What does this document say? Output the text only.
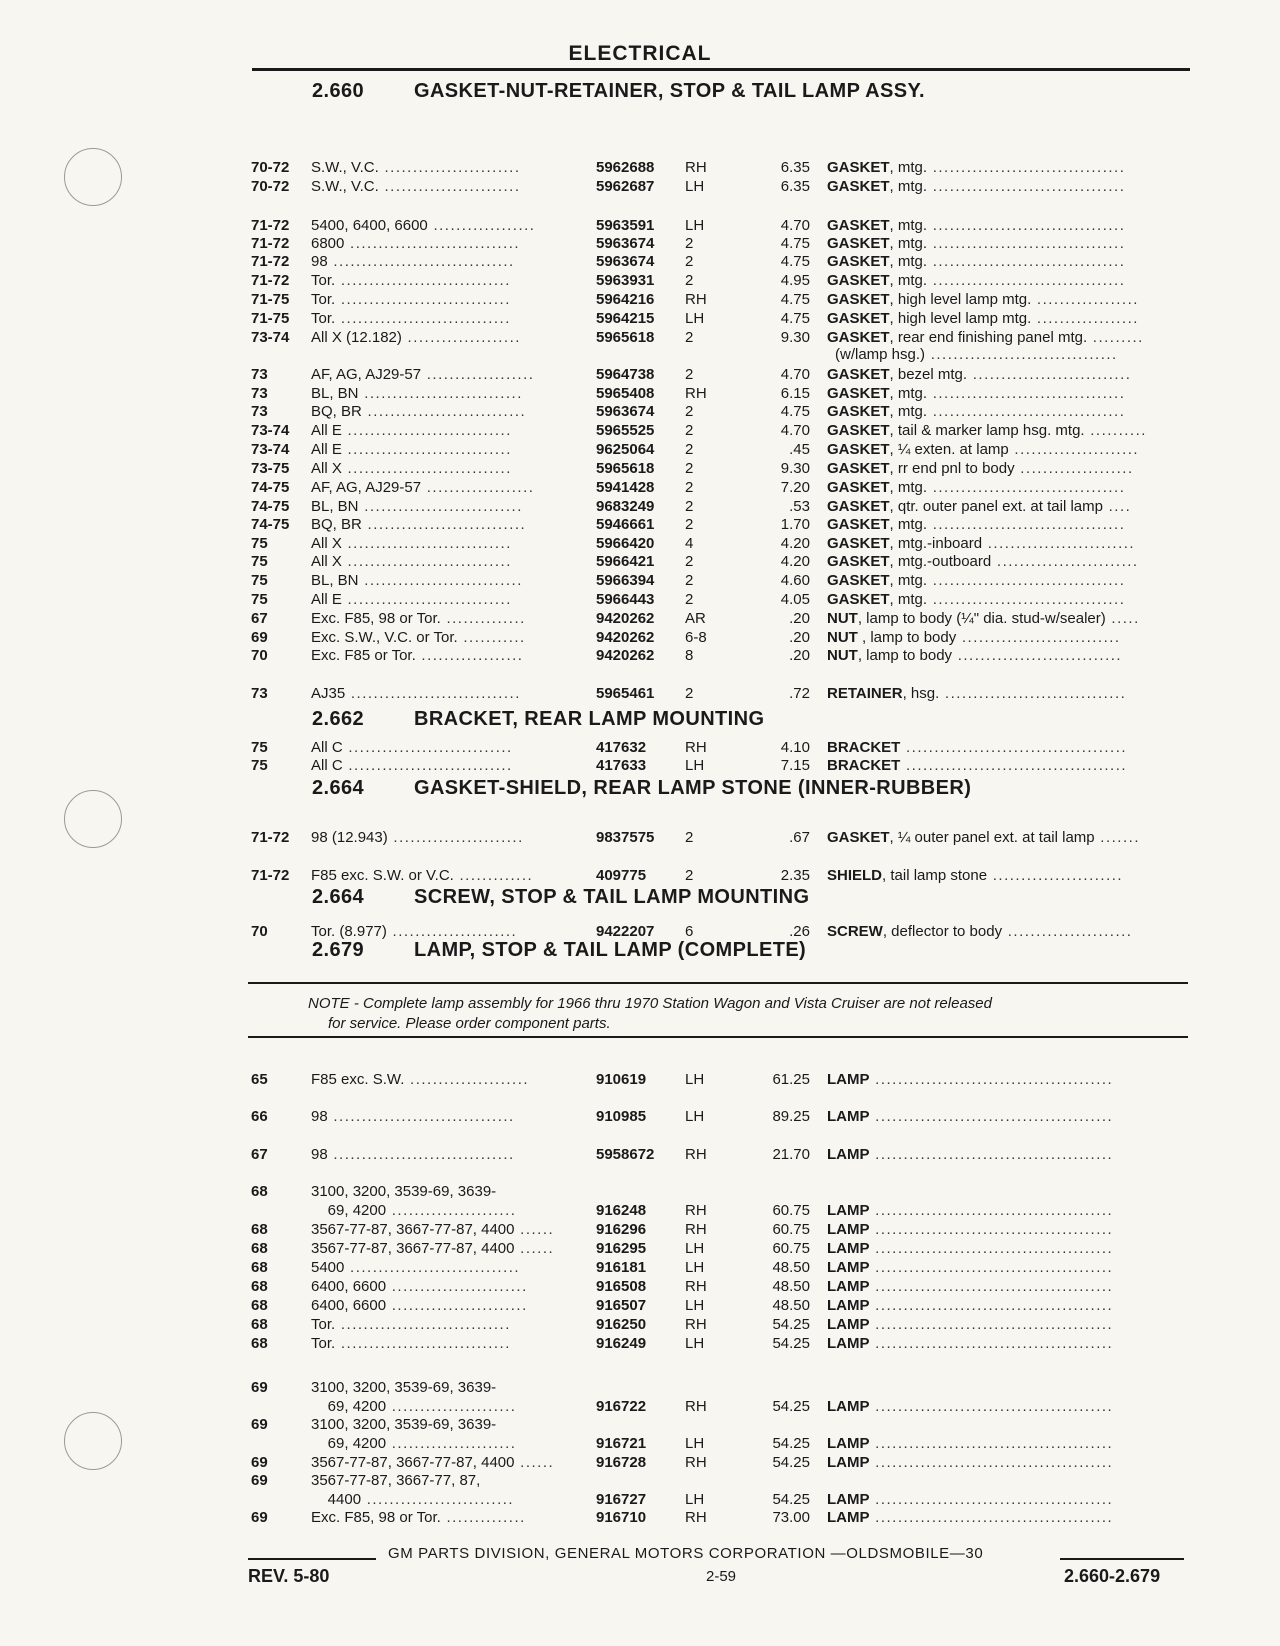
ELECTRICAL
2.660 GASKET-NUT-RETAINER, STOP & TAIL LAMP ASSY.
70-72 S.W., V.C. ........................	5962688 RH	6.35 GASKET, mtg. ..................................
70-72 S.W., V.C. ........................	5962687 LH	6.35 GASKET, mtg. ..................................
71-72 5400, 6400, 6600 ..................	5963591 LH	4.70 GASKET, mtg. ..................................
71-72 6800 ..............................	5963674 2	4.75 GASKET, mtg. ..................................
71-72 98 ................................	5963674 2	4.75 GASKET, mtg. ..................................
71-72 Tor. ..............................	5963931 2	4.95 GASKET, mtg. ..................................
71-75 Tor. ..............................	5964216 RH	4.75 GASKET, high level lamp mtg. ..................
71-75 Tor. ..............................	5964215 LH	4.75 GASKET, high level lamp mtg. ..................
73-74 All X (12.182) ....................	5965618 2	9.30 GASKET, rear end finishing panel mtg. .........
(w/lamp hsg.) .................................
73	AF, AG, AJ29-57 ...................	5964738 2	4.70 GASKET, bezel mtg. ............................
73	BL, BN ............................	5965408 RH	6.15 GASKET, mtg. ..................................
73	BQ, BR ............................	5963674 2	4.75 GASKET, mtg. ..................................
73-74 All E .............................	5965525 2	4.70 GASKET, tail & marker lamp hsg. mtg. ..........
73-74 All E .............................	9625064 2	.45 GASKET, ¼ exten. at lamp ......................
73-75 All X .............................	5965618 2	9.30 GASKET, rr end pnl to body ....................
74-75 AF, AG, AJ29-57 ...................	5941428 2	7.20 GASKET, mtg. ..................................
74-75 BL, BN ............................	9683249 2	.53 GASKET, qtr. outer panel ext. at tail lamp ....
74-75 BQ, BR ............................	5946661 2	1.70 GASKET, mtg. ..................................
75	All X .............................	5966420 4	4.20 GASKET, mtg.-inboard ..........................
75	All X .............................	5966421 2	4.20 GASKET, mtg.-outboard .........................
75	BL, BN ............................	5966394 2	4.60 GASKET, mtg. ..................................
75	All E .............................	5966443 2	4.05 GASKET, mtg. ..................................
67	Exc. F85, 98 or Tor. ..............	9420262 AR	.20 NUT, lamp to body (¼" dia. stud-w/sealer) .....
69	Exc. S.W., V.C. or Tor. ...........	9420262 6-8	.20 NUT , lamp to body ............................
70	Exc. F85 or Tor. ..................	9420262 8	.20 NUT, lamp to body .............................
73	AJ35 ..............................	5965461 2	.72 RETAINER, hsg. ................................
2.662 BRACKET, REAR LAMP MOUNTING
75	All C .............................	417632	RH	4.10 BRACKET .......................................
75	All C .............................	417633	LH	7.15 BRACKET .......................................
2.664 GASKET-SHIELD, REAR LAMP STONE (INNER-RUBBER)
71-72 98 (12.943) .......................	9837575 2	.67 GASKET, ¼ outer panel ext. at tail lamp .......
71-72 F85 exc. S.W. or V.C. .............	409775	2	2.35 SHIELD, tail lamp stone .......................
2.664 SCREW, STOP & TAIL LAMP MOUNTING
70	Tor. (8.977) ......................	9422207 6	.26 SCREW, deflector to body ......................
2.679 LAMP, STOP & TAIL LAMP (COMPLETE)
NOTE - Complete lamp assembly for 1966 thru 1970 Station Wagon and Vista Cruiser are not released
for service. Please order component parts.
65	F85 exc. S.W. .....................	910619	LH	61.25 LAMP ..........................................
66	98 ................................	910985	LH	89.25 LAMP ..........................................
67	98 ................................	5958672 RH	21.70 LAMP ..........................................
68	3100, 3200, 3539-69, 3639-
69, 4200 ......................	916248	RH	60.75 LAMP ..........................................
68	3567-77-87, 3667-77-87, 4400 ......	916296	RH	60.75 LAMP ..........................................
68	3567-77-87, 3667-77-87, 4400 ......	916295	LH	60.75 LAMP ..........................................
68	5400 ..............................	916181	LH	48.50 LAMP ..........................................
68	6400, 6600 ........................	916508	RH	48.50 LAMP ..........................................
68	6400, 6600 ........................	916507	LH	48.50 LAMP ..........................................
68	Tor. ..............................	916250	RH	54.25 LAMP ..........................................
68	Tor. ..............................	916249	LH	54.25 LAMP ..........................................
69	3100, 3200, 3539-69, 3639-
69, 4200 ......................	916722	RH	54.25 LAMP ..........................................
69	3100, 3200, 3539-69, 3639-
69, 4200 ......................	916721	LH	54.25 LAMP ..........................................
69	3567-77-87, 3667-77-87, 4400 ......	916728	RH	54.25 LAMP ..........................................
69	3567-77-87, 3667-77, 87,
4400 ..........................	916727	LH	54.25 LAMP ..........................................
69	Exc. F85, 98 or Tor. ..............	916710	RH	73.00 LAMP ..........................................
GM PARTS DIVISION, GENERAL MOTORS CORPORATION —OLDSMOBILE—30
REV. 5-80	2-59	2.660-2.679
